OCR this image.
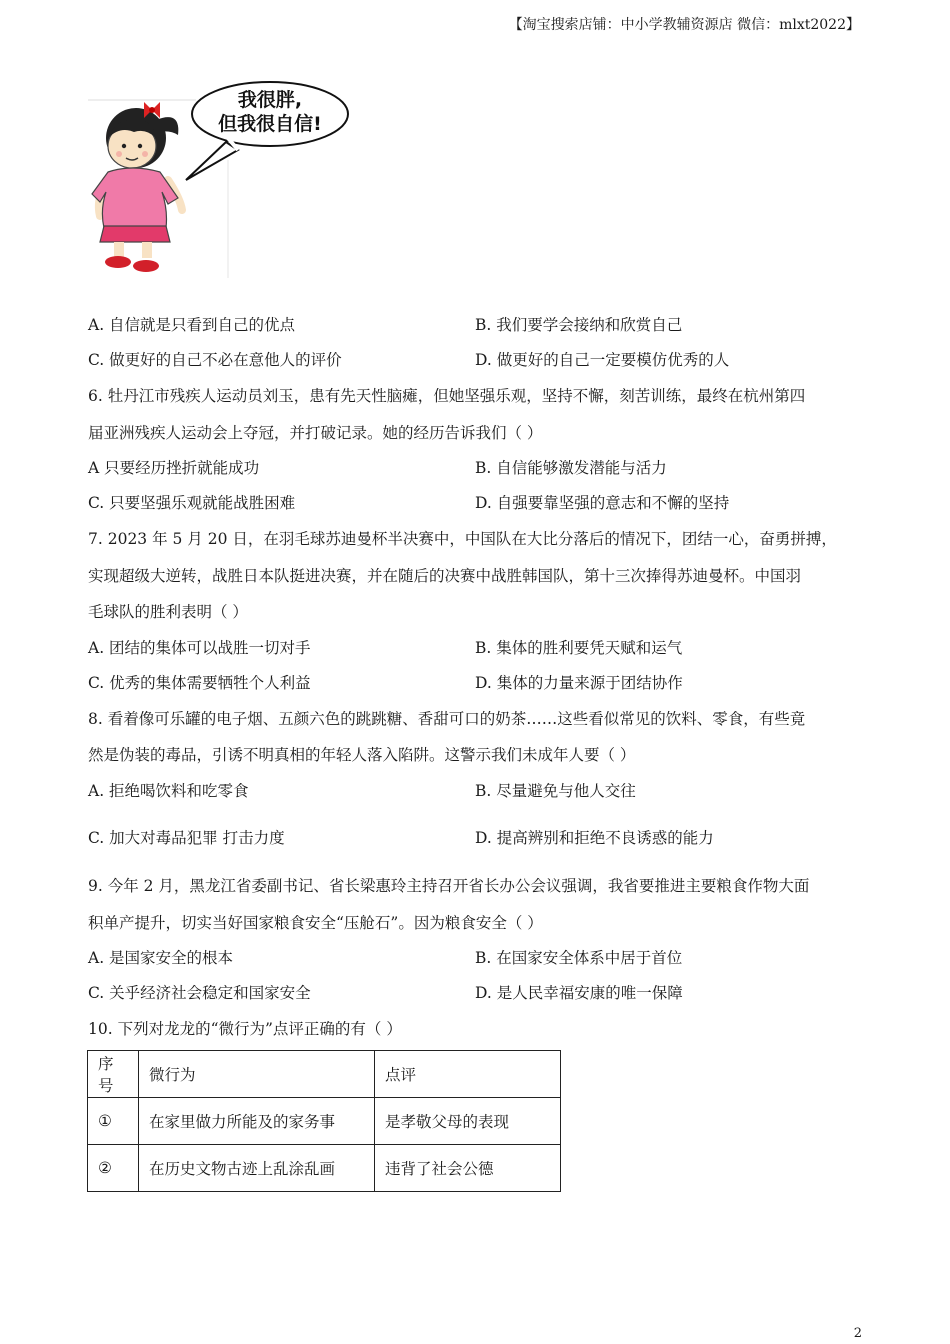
【淘宝搜索店铺：中小学教辅资源店 微信：mlxt2022】
我很胖,
但我很自信!
A. 自信就是只看到自己的优点	B. 我们要学会接纳和欣赏自己
C. 做更好的自己不必在意他人的评价	D. 做更好的自己一定要模仿优秀的人
6. 牡丹江市残疾人运动员刘玉，患有先天性脑瘫，但她坚强乐观，坚持不懈，刻苦训练，最终在杭州第四
届亚洲残疾人运动会上夺冠，并打破记录。她的经历告诉我们（ ）
A 只要经历挫折就能成功	B. 自信能够激发潜能与活力
C. 只要坚强乐观就能战胜困难	D. 自强要靠坚强的意志和不懈的坚持
7. 2023 年 5 月 20 日，在羽毛球苏迪曼杯半决赛中，中国队在大比分落后的情况下，团结一心，奋勇拼搏，
实现超级大逆转，战胜日本队挺进决赛，并在随后的决赛中战胜韩国队，第十三次捧得苏迪曼杯。中国羽
毛球队的胜利表明（ ）
A. 团结的集体可以战胜一切对手	B. 集体的胜利要凭天赋和运气
C. 优秀的集体需要牺牲个人利益	D. 集体的力量来源于团结协作
8. 看着像可乐罐的电子烟、五颜六色的跳跳糖、香甜可口的奶茶……这些看似常见的饮料、零食，有些竟
然是伪装的毒品，引诱不明真相的年轻人落入陷阱。这警示我们未成年人要（ ）
A. 拒绝喝饮料和吃零食	B. 尽量避免与他人交往
C. 加大对毒品犯罪 打击力度	D. 提高辨别和拒绝不良诱惑的能力
9. 今年 2 月，黑龙江省委副书记、省长梁惠玲主持召开省长办公会议强调，我省要推进主要粮食作物大面
积单产提升，切实当好国家粮食安全“压舱石”。因为粮食安全（ ）
A. 是国家安全的根本	B. 在国家安全体系中居于首位
C. 关乎经济社会稳定和国家安全	D. 是人民幸福安康的唯一保障
10. 下列对龙龙的“微行为”点评正确的有（ ）
序号	微行为	点评
①	在家里做力所能及的家务事	是孝敬父母的表现
②	在历史文物古迹上乱涂乱画	违背了社会公德
2
